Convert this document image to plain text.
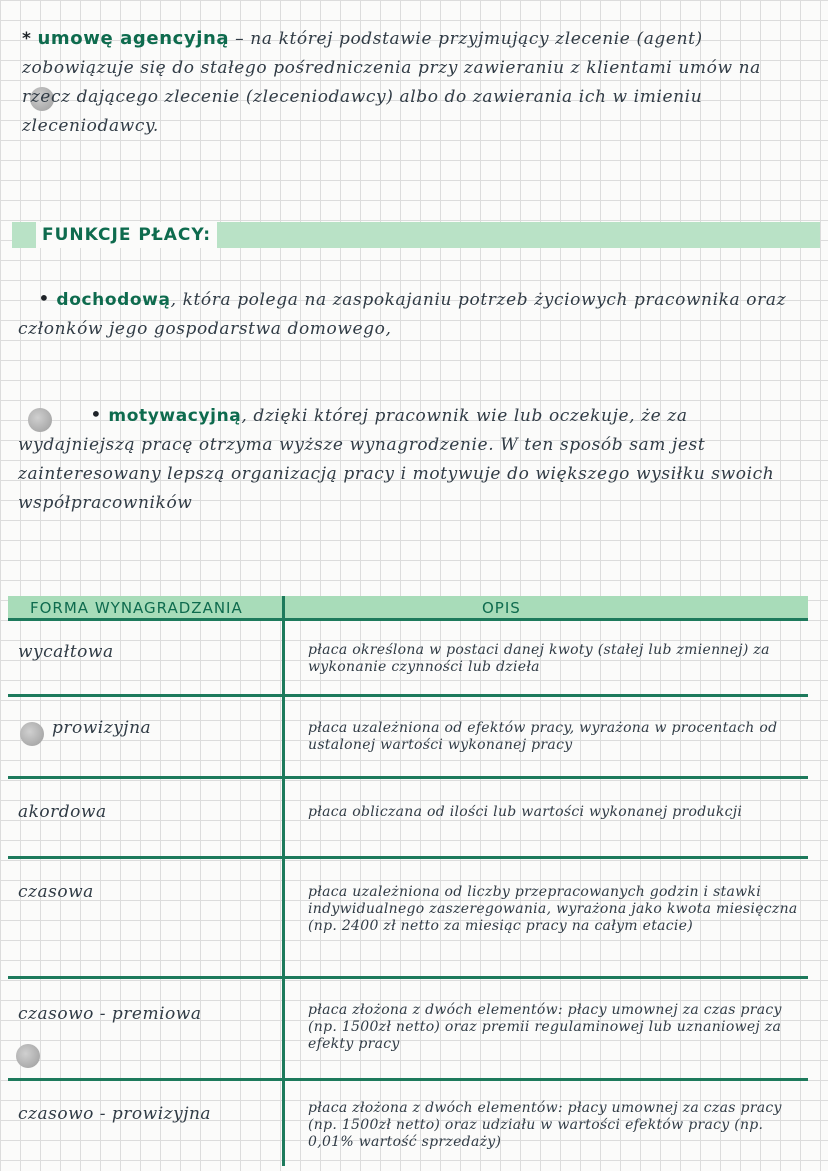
* umowę agencyjną – na której podstawie przyjmujący zlecenie (agent) zobowiązuje się do stałego pośredniczenia przy zawieraniu z klientami umów na rzecz dającego zlecenie (zleceniodawcy) albo do zawierania ich w imieniu zleceniodawcy.
FUNKCJE PŁACY:
• dochodową, która polega na zaspokajaniu potrzeb życiowych pracownika oraz członków jego gospodarstwa domowego,
• motywacyjną, dzięki której pracownik wie lub oczekuje, że za wydajniejszą pracę otrzyma wyższe wynagrodzenie. W ten sposób sam jest zainteresowany lepszą organizacją pracy i motywuje do większego wysiłku swoich współpracowników
FORMA WYNAGRADZANIA	OPIS
wycałtowa	płaca określona w postaci danej kwoty (stałej lub zmiennej) za wykonanie czynności lub dzieła
prowizyjna	płaca uzależniona od efektów pracy, wyrażona w procentach od ustalonej wartości wykonanej pracy
akordowa	płaca obliczana od ilości lub wartości wykonanej produkcji
czasowa	płaca uzależniona od liczby przepracowanych godzin i stawki indywidualnego zaszeregowania, wyrażona jako kwota miesięczna (np. 2400 zł netto za miesiąc pracy na całym etacie)
czasowo - premiowa	płaca złożona z dwóch elementów: płacy umownej za czas pracy (np. 1500zł netto) oraz premii regulaminowej lub uznaniowej za efekty pracy
czasowo - prowizyjna	płaca złożona z dwóch elementów: płacy umownej za czas pracy (np. 1500zł netto) oraz udziału w wartości efektów pracy (np. 0,01% wartość sprzedaży)
